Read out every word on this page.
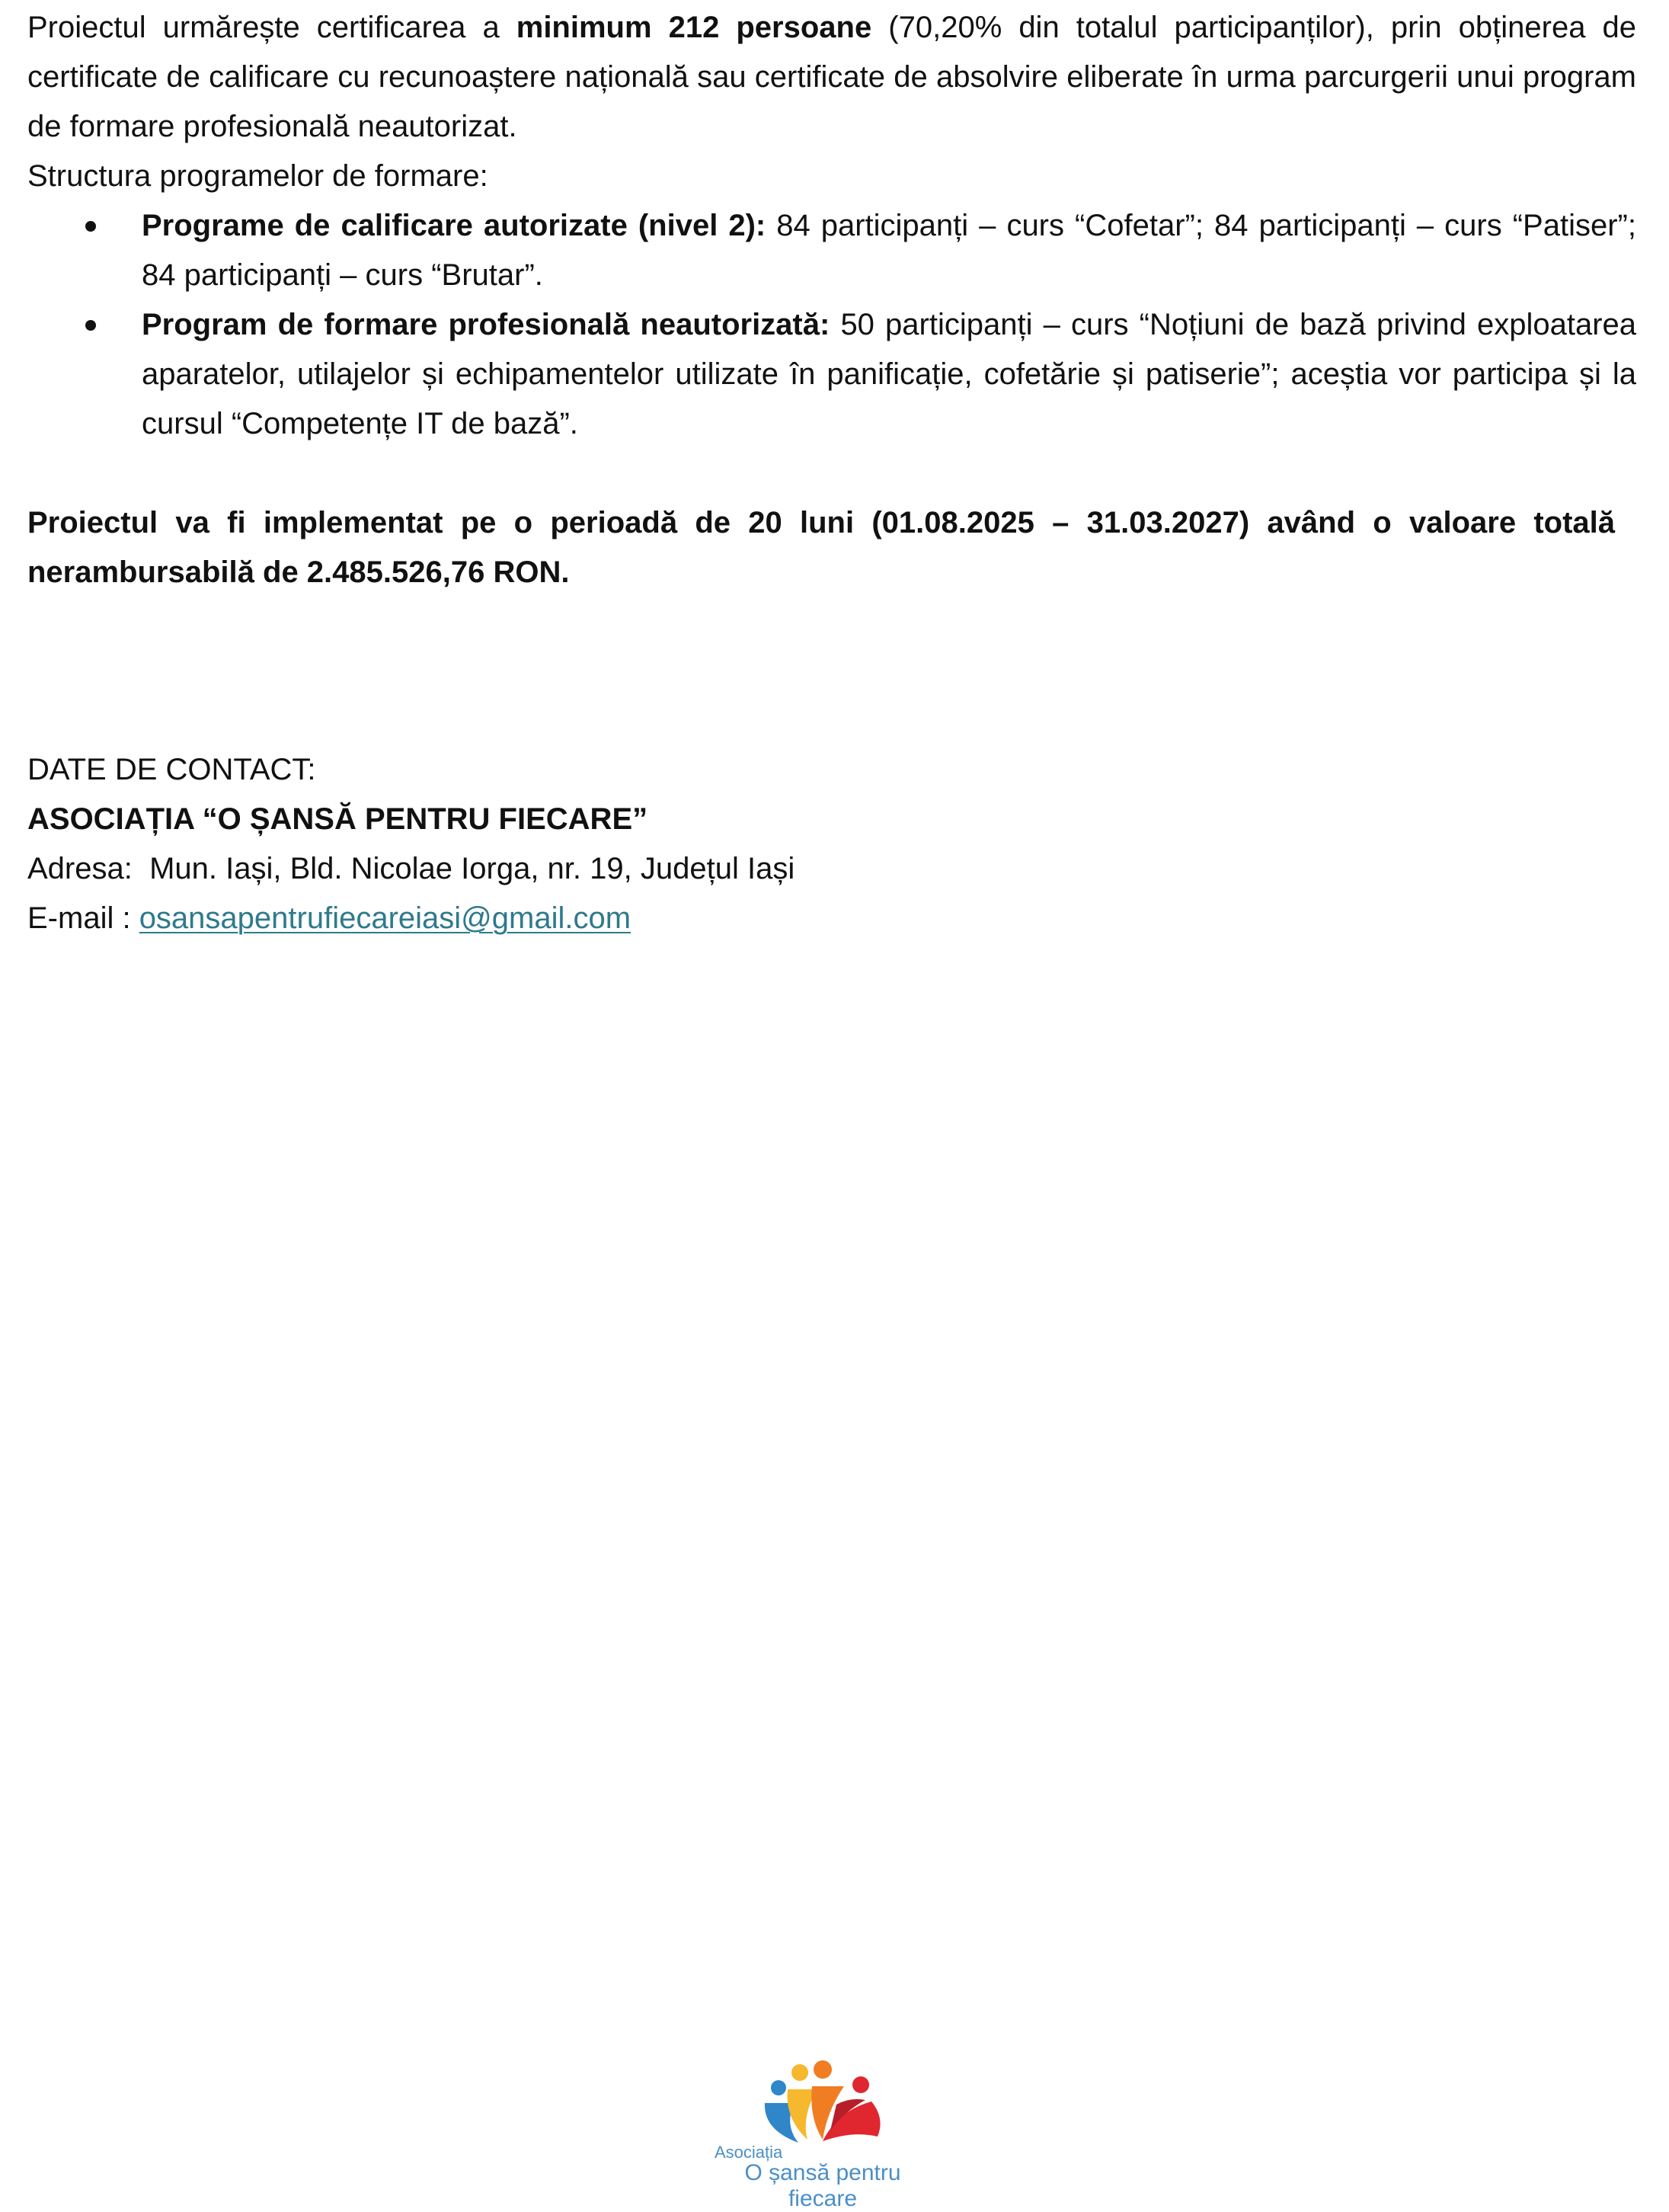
Proiectul urmărește certificarea a minimum 212 persoane (70,20% din totalul participanților), prin obținerea de certificate de calificare cu recunoaștere națională sau certificate de absolvire eliberate în urma parcurgerii unui program de formare profesională neautorizat.

Structura programelor de formare:

Programe de calificare autorizate (nivel 2): 84 participanți – curs “Cofetar”; 84 participanți – curs “Patiser”; 84 participanți – curs “Brutar”.
Program de formare profesională neautorizată: 50 participanți – curs “Noțiuni de bază privind exploatarea aparatelor, utilajelor și echipamentelor utilizate în panificație, cofetărie și patiserie”; aceștia vor participa și la cursul “Competențe IT de bază”.

Proiectul va fi implementat pe o perioadă de 20 luni (01.08.2025 – 31.03.2027) având o valoare totală nerambursabilă de 2.485.526,76 RON.

DATE DE CONTACT:
ASOCIAȚIA “O ȘANSĂ PENTRU FIECARE”
Adresa: Mun. Iași, Bld. Nicolae Iorga, nr. 19, Județul Iași
E-mail : osansapentrufiecareiasi@gmail.com
Asociația
O șansă pentru fiecare
